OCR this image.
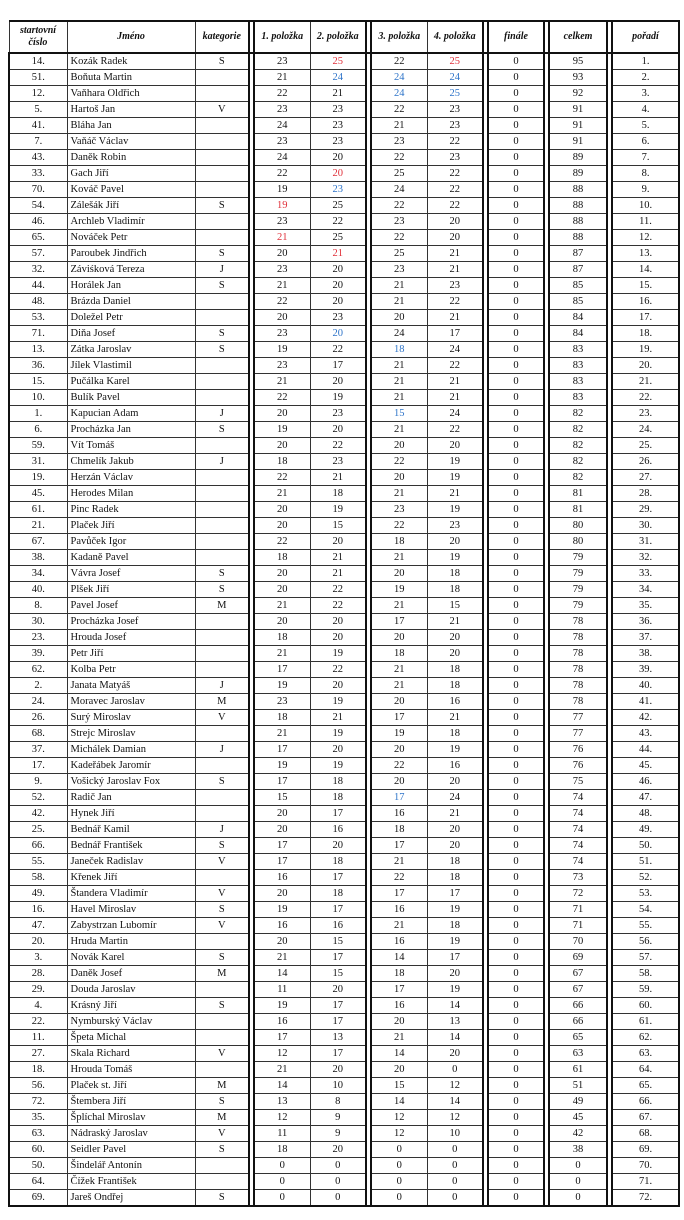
startovní
číslo	Jméno	kategorie		1. položka	2. položka		3. položka	4. položka		finále		celkem		pořadí
14.	Kozák Radek	S		23	25		22	25		0		95		1.
51.	Boňuta Martin			21	24		24	24		0		93		2.
12.	Vaňhara Oldřich			22	21		24	25		0		92		3.
5.	Hartoš Jan	V		23	23		22	23		0		91		4.
41.	Bláha Jan			24	23		21	23		0		91		5.
7.	Vaňáč Václav			23	23		23	22		0		91		6.
43.	Daněk Robin			24	20		22	23		0		89		7.
33.	Gach Jiří			22	20		25	22		0		89		8.
70.	Kováč Pavel			19	23		24	22		0		88		9.
54.	Zálešák Jiří	S		19	25		22	22		0		88		10.
46.	Archleb Vladimír			23	22		23	20		0		88		11.
65.	Nováček Petr			21	25		22	20		0		88		12.
57.	Paroubek Jindřich	S		20	21		25	21		0		87		13.
32.	Záviśková Tereza	J		23	20		23	21		0		87		14.
44.	Horálek Jan	S		21	20		21	23		0		85		15.
48.	Brázda Daniel			22	20		21	22		0		85		16.
53.	Doležel Petr			20	23		20	21		0		84		17.
71.	Diňa Josef	S		23	20		24	17		0		84		18.
13.	Zátka Jaroslav	S		19	22		18	24		0		83		19.
36.	Jílek Vlastimil			23	17		21	22		0		83		20.
15.	Pučálka Karel			21	20		21	21		0		83		21.
10.	Bulík Pavel			22	19		21	21		0		83		22.
1.	Kapucian Adam	J		20	23		15	24		0		82		23.
6.	Procházka Jan	S		19	20		21	22		0		82		24.
59.	Vít Tomáš			20	22		20	20		0		82		25.
31.	Chmelík Jakub	J		18	23		22	19		0		82		26.
19.	Herzán Václav			22	21		20	19		0		82		27.
45.	Herodes Milan			21	18		21	21		0		81		28.
61.	Pinc Radek			20	19		23	19		0		81		29.
21.	Plaček Jiří			20	15		22	23		0		80		30.
67.	Pavůček Igor			22	20		18	20		0		80		31.
38.	Kadaně Pavel			18	21		21	19		0		79		32.
34.	Vávra Josef	S		20	21		20	18		0		79		33.
40.	Plšek Jiří	S		20	22		19	18		0		79		34.
8.	Pavel Josef	M		21	22		21	15		0		79		35.
30.	Procházka Josef			20	20		17	21		0		78		36.
23.	Hrouda Josef			18	20		20	20		0		78		37.
39.	Petr Jiří			21	19		18	20		0		78		38.
62.	Kolba Petr			17	22		21	18		0		78		39.
2.	Janata Matyáš	J		19	20		21	18		0		78		40.
24.	Moravec Jaroslav	M		23	19		20	16		0		78		41.
26.	Surý Miroslav	V		18	21		17	21		0		77		42.
68.	Strejc Miroslav			21	19		19	18		0		77		43.
37.	Michálek Damian	J		17	20		20	19		0		76		44.
17.	Kadeřábek Jaromír			19	19		22	16		0		76		45.
9.	Vošický Jaroslav Fox	S		17	18		20	20		0		75		46.
52.	Radič Jan			15	18		17	24		0		74		47.
42.	Hynek Jiří			20	17		16	21		0		74		48.
25.	Bednář Kamil	J		20	16		18	20		0		74		49.
66.	Bednář František	S		17	20		17	20		0		74		50.
55.	Janeček Radislav	V		17	18		21	18		0		74		51.
58.	Křenek Jiří			16	17		22	18		0		73		52.
49.	Štandera Vladimír	V		20	18		17	17		0		72		53.
16.	Havel Miroslav	S		19	17		16	19		0		71		54.
47.	Zabystrzan Lubomír	V		16	16		21	18		0		71		55.
20.	Hruda Martin			20	15		16	19		0		70		56.
3.	Novák Karel	S		21	17		14	17		0		69		57.
28.	Daněk Josef	M		14	15		18	20		0		67		58.
29.	Douda Jaroslav			11	20		17	19		0		67		59.
4.	Krásný Jiří	S		19	17		16	14		0		66		60.
22.	Nymburský Václav			16	17		20	13		0		66		61.
11.	Špeta Michal			17	13		21	14		0		65		62.
27.	Skala Richard	V		12	17		14	20		0		63		63.
18.	Hrouda Tomáš			21	20		20	0		0		61		64.
56.	Plaček st. Jiří	M		14	10		15	12		0		51		65.
72.	Štembera Jiří	S		13	8		14	14		0		49		66.
35.	Šplíchal Miroslav	M		12	9		12	12		0		45		67.
63.	Nádraský Jaroslav	V		11	9		12	10		0		42		68.
60.	Seidler Pavel	S		18	20		0	0		0		38		69.
50.	Šindelář Antonín			0	0		0	0		0		0		70.
64.	Čížek František			0	0		0	0		0		0		71.
69.	Jareš Ondřej	S		0	0		0	0		0		0		72.
